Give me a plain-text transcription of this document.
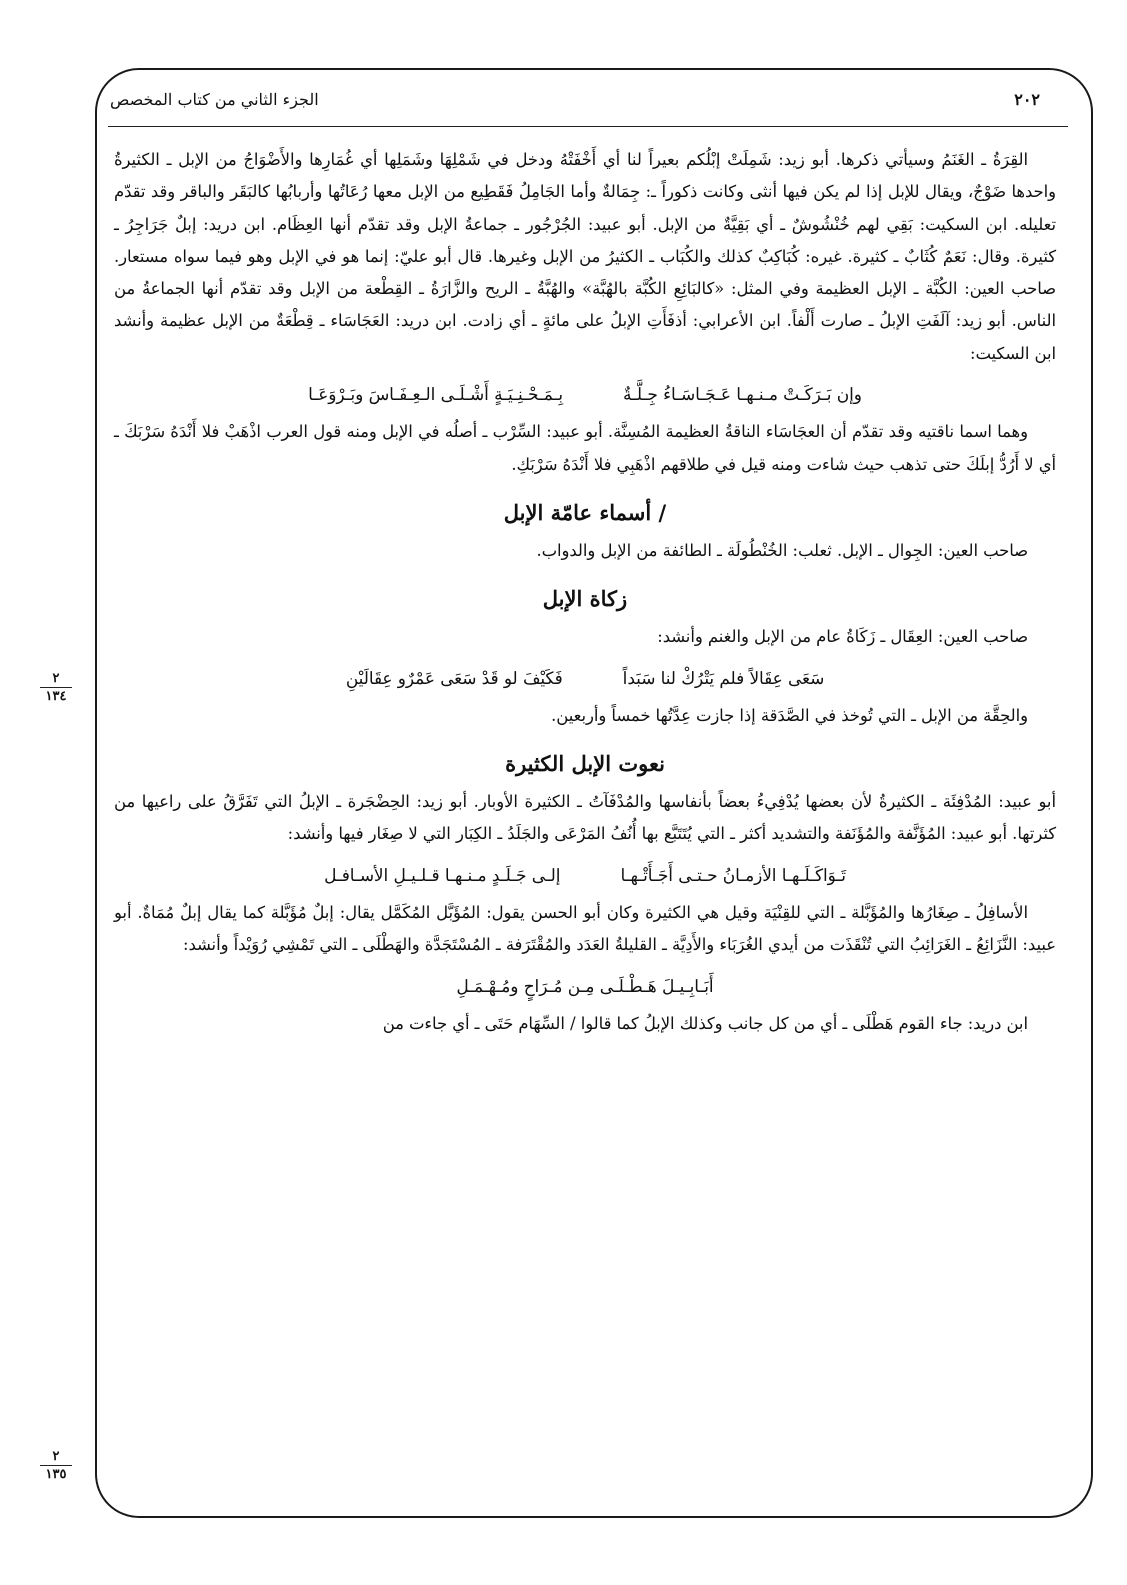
٢٠٢
الجزء الثاني من كتاب المخصص

القِرَةُ ـ الغَنَمُ وسيأتي ذكرها. أبو زيد: شَمِلَتْ إبْلُكم بعيراً لنا أي أَخْفَتْهُ ودخل في شَمْلِهَا وشَمَلِها أي غُمَارِها والأَضْوَاجُ من الإبل ـ الكثيرةُ واحدها ضَوْجٌ، ويقال للإبل إذا لم يكن فيها أنثى وكانت ذكوراً ـ: جِمَالةٌ وأما الجَامِلُ فَقَطِيع من الإبل معها رُعَاتُها وأربابُها كالبَقَر والباقر وقد تقدّم تعليله. ابن السكيت: بَقِي لهم خُنْشُوشٌ ـ أي بَقِيَّةٌ من الإبل. أبو عبيد: الجُرْجُور ـ جماعةُ الإبل وقد تقدّم أنها العِظَام. ابن دريد: إبلٌ جَرَاجِرُ ـ كثيرة. وقال: نَعَمٌ كُثَابٌ ـ كثيرة. غيره: كُبَاكِبٌ كذلك والكُبَاب ـ الكثيرُ من الإبل وغيرها. قال أبو عليّ: إنما هو في الإبل وهو فيما سواه مستعار. صاحب العين: الكُبَّة ـ الإبل العظيمة وفي المثل: «كالبَائِعِ الكُبَّة بالهُبَّة» والهُبَّةُ ـ الريح والزَّارَةُ ـ القِطْعة من الإبل وقد تقدّم أنها الجماعةُ من الناس. أبو زيد: آلَفَتِ الإبلُ ـ صارت أَلْفاً. ابن الأعرابي: أذفَأَتِ الإبلُ على مائةٍ ـ أي زادت. ابن دريد: العَجَاسَاء ـ قِطْعَةٌ من الإبل عظيمة وأنشد ابن السكيت:

وإن بَـرَكَـتْ مـنـهـا عَـجَـاسَـاءُ جِـلَّـةٌ
بِـمَـحْـنِـيَـةٍ أَشْـلَـى الـعِـفَـاسَ وبَـرْوَعَـا

وهما اسما ناقتيه وقد تقدّم أن العجَاسَاء الناقةُ العظيمة المُسِنَّة. أبو عبيد: السِّرْب ـ أصلُه في الإبل ومنه قول العرب اذْهَبْ فلا أَنْدَهُ سَرْبَكَ ـ أي لا أَرُدُّ إبلَكَ حتى تذهب حيث شاءت ومنه قيل في طلاقهم اذْهَبِي فلا أَنْدَهُ سَرْبَكِ.

/ أسماء عامّة الإبل

صاحب العين: الجِوال ـ الإبل. ثعلب: الخُنْطُولَة ـ الطائفة من الإبل والدواب.

زكاة الإبل

صاحب العين: العِقَال ـ زَكَاةُ عام من الإبل والغنم وأنشد:

سَعَى عِقَالاً فلم يَتْرُكْ لنا سَبَداً
فَكَيْفَ لو قَدْ سَعَى عَمْرٌو عِقَالَيْنِ

والحِقَّة من الإبل ـ التي تُوخذ في الصَّدَقة إذا جازت عِدَّتُها خمساً وأربعين.

نعوت الإبل الكثيرة

أبو عبيد: المُدْفِئَة ـ الكثيرةُ لأن بعضها يُدْفِيءُ بعضاً بأنفاسها والمُدْفَآتُ ـ الكثيرة الأوبار. أبو زيد: الحِضْجَرة ـ الإبلُ التي تَفَرَّقُ على راعيها من كثرتها. أبو عبيد: المُؤَنَّفة والمُؤَنَفة والتشديد أكثر ـ التي يُتَتَبَّع بها أُنُفُ المَرْعَى والجَلَدُ ـ الكِبَار التي لا صِغَار فيها وأنشد:

تَـوَاكَـلَـهـا الأزمـانُ حـتـى أَجَـأَتْـهـا
إلـى جَـلَـدٍ مـنـهـا قـلـيـلِ الأسـافـل

الأسافِلُ ـ صِغَارُها والمُؤَبَّلة ـ التي للقِنْيَة وقيل هي الكثيرة وكان أبو الحسن يقول: المُؤَبَّل المُكَمَّل يقال: إبلٌ مُؤَبَّلة كما يقال إبلٌ مُمَاةٌ. أبو عبيد: النَّزَائِعُ ـ الغَرَائِبُ التي تُنْقَذَت من أيدي الغُرَبَاء والأَدِيَّة ـ القليلةُ العَدَد والمُقْتَرَفة ـ المُسْتَجَدَّة والهَطْلَى ـ التي تَمْشِي رُوَيْداً وأنشد:

أَبَـابِـيـلَ هَـطْـلَـى مِـن مُـرَاحٍ ومُـهْـمَـلِ

ابن دريد: جاء القوم هَطْلَى ـ أي من كل جانب وكذلك الإبلُ كما قالوا / السِّهَام حَتَى ـ أي جاءت من

٢
١٣٤
٢
١٣٥
